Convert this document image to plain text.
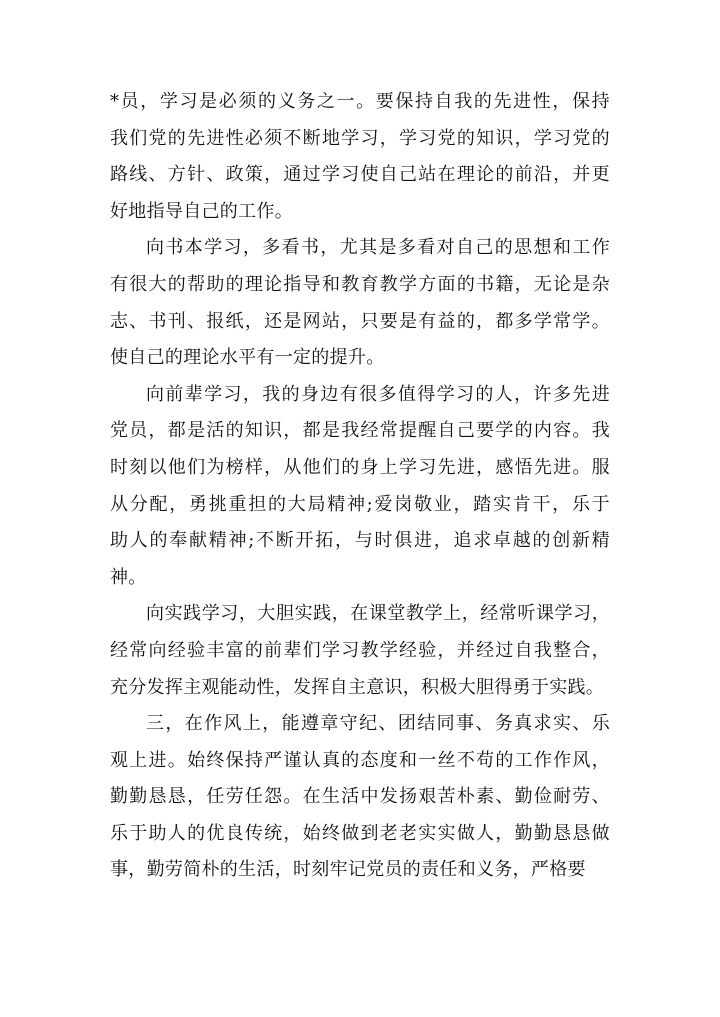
*员，学习是必须的义务之一。要保持自我的先进性，保持
我们党的先进性必须不断地学习，学习党的知识，学习党的
路线、方针、政策，通过学习使自己站在理论的前沿，并更
好地指导自己的工作。
向书本学习，多看书，尤其是多看对自己的思想和工作
有很大的帮助的理论指导和教育教学方面的书籍，无论是杂
志、书刊、报纸，还是网站，只要是有益的，都多学常学。
使自己的理论水平有一定的提升。
向前辈学习，我的身边有很多值得学习的人，许多先进
党员，都是活的知识，都是我经常提醒自己要学的内容。我
时刻以他们为榜样，从他们的身上学习先进，感悟先进。服
从分配，勇挑重担的大局精神;爱岗敬业，踏实肯干，乐于
助人的奉献精神;不断开拓，与时俱进，追求卓越的创新精
神。
向实践学习，大胆实践，在课堂教学上，经常听课学习，
经常向经验丰富的前辈们学习教学经验，并经过自我整合，
充分发挥主观能动性，发挥自主意识，积极大胆得勇于实践。
三，在作风上，能遵章守纪、团结同事、务真求实、乐
观上进。始终保持严谨认真的态度和一丝不苟的工作作风，
勤勤恳恳，任劳任怨。在生活中发扬艰苦朴素、勤俭耐劳、
乐于助人的优良传统，始终做到老老实实做人，勤勤恳恳做
事，勤劳简朴的生活，时刻牢记党员的责任和义务，严格要
